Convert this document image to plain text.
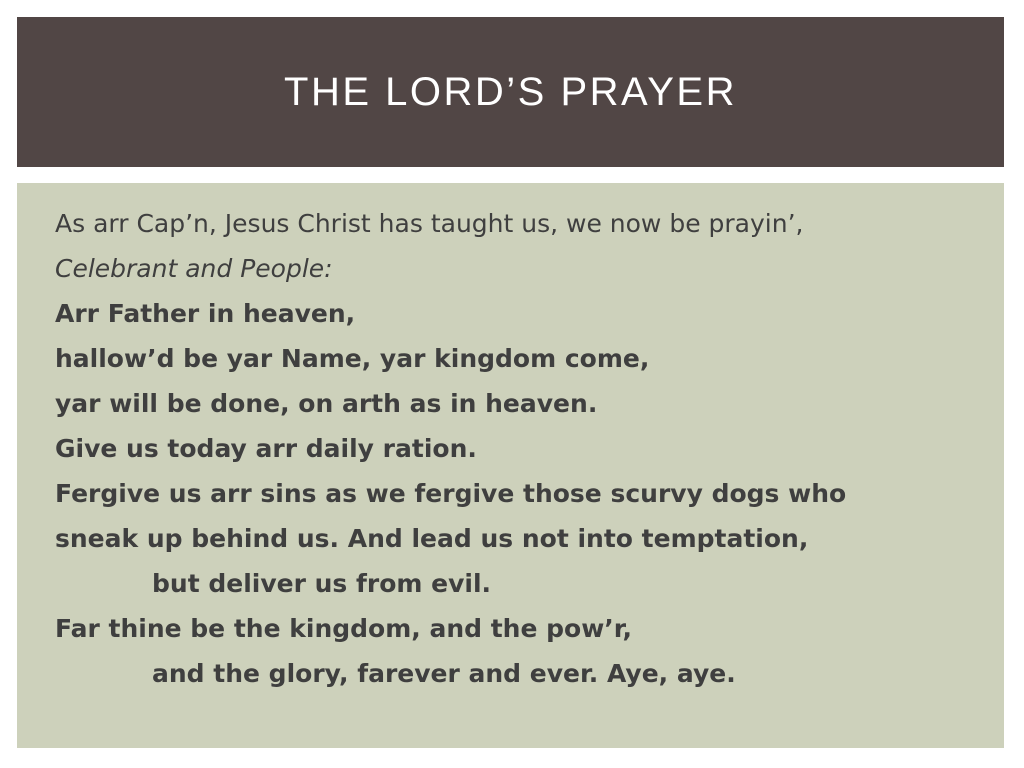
THE LORD’S PRAYER

As arr Cap’n, Jesus Christ has taught us, we now be prayin’,

Celebrant and People:

Arr Father in heaven,

hallow’d be yar Name, yar kingdom come,

yar will be done, on arth as in heaven.

Give us today arr daily ration.

Fergive us arr sins as we fergive those scurvy dogs who

sneak up behind us. And lead us not into temptation,

but deliver us from evil.

Far thine be the kingdom, and the pow’r,

and the glory, farever and ever. Aye, aye.
